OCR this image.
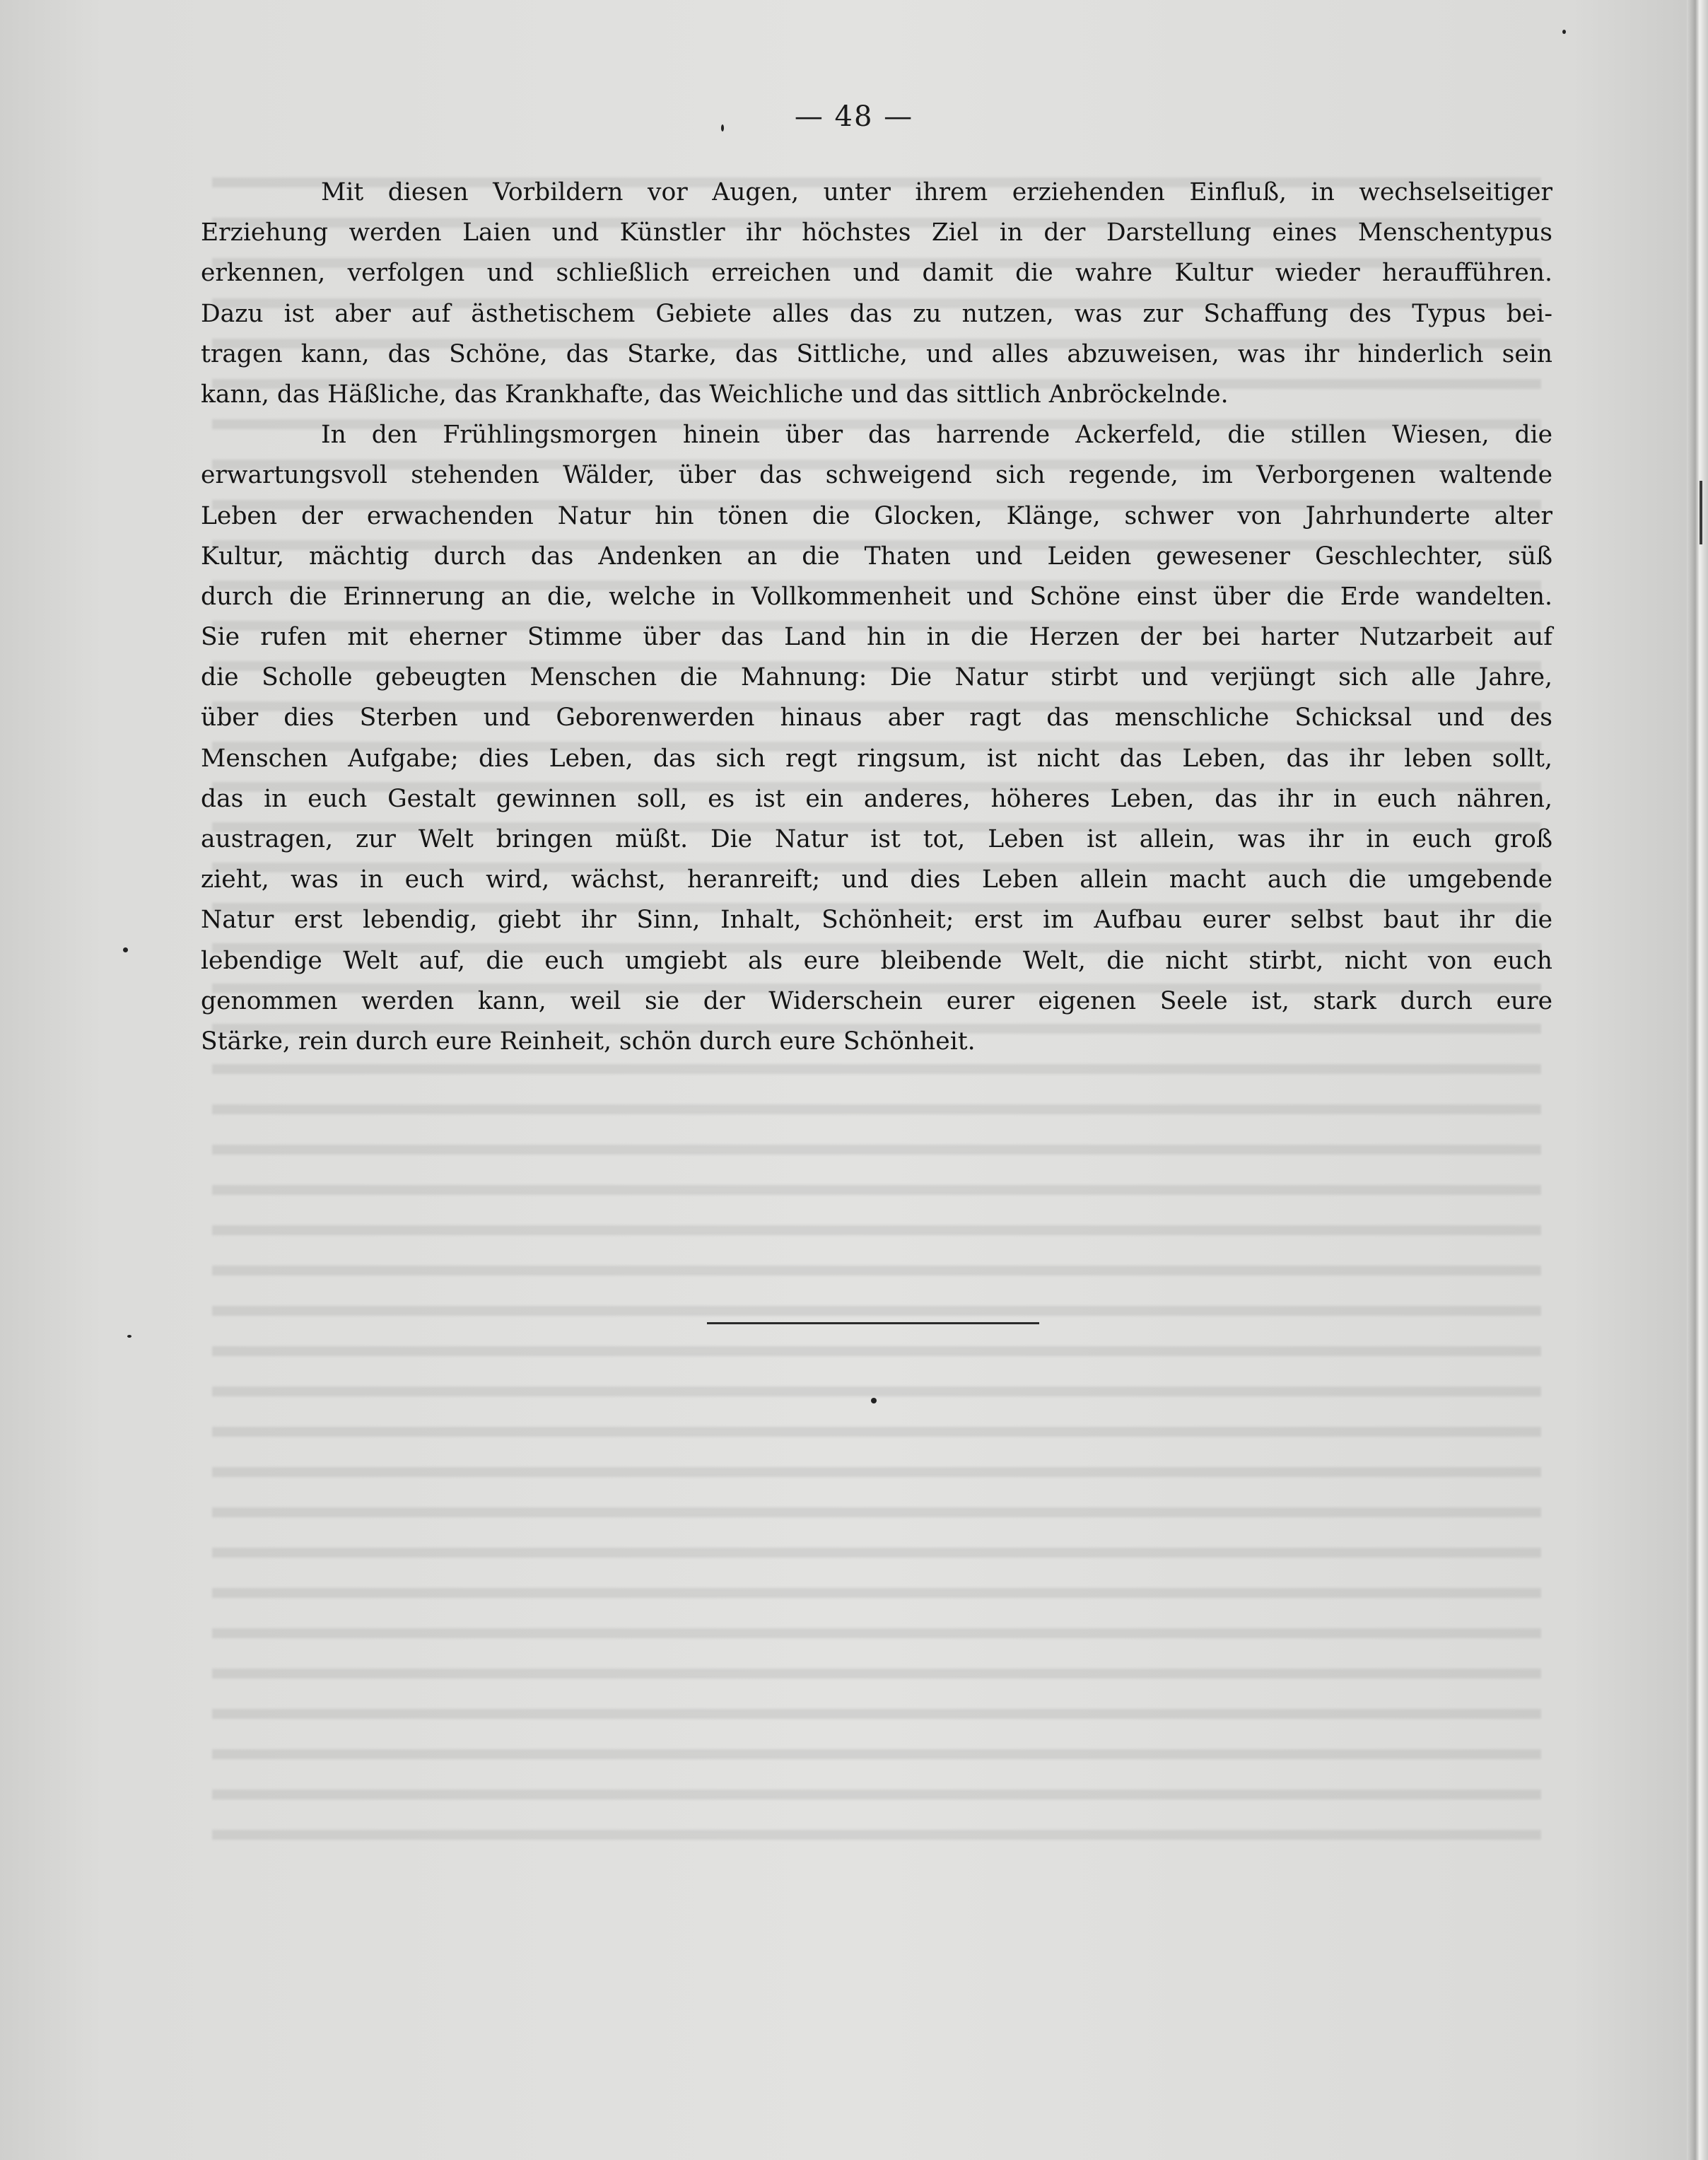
— 48 —
Mit diesen Vorbildern vor Augen, unter ihrem erziehenden Einfluß, in wechselseitiger
Erziehung werden Laien und Künstler ihr höchstes Ziel in der Darstellung eines Menschentypus
erkennen, verfolgen und schließlich erreichen und damit die wahre Kultur wieder heraufführen.
Dazu ist aber auf ästhetischem Gebiete alles das zu nutzen, was zur Schaffung des Typus bei-
tragen kann, das Schöne, das Starke, das Sittliche, und alles abzuweisen, was ihr hinderlich sein
kann, das Häßliche, das Krankhafte, das Weichliche und das sittlich Anbröckelnde.
In den Frühlingsmorgen hinein über das harrende Ackerfeld, die stillen Wiesen, die
erwartungsvoll stehenden Wälder, über das schweigend sich regende, im Verborgenen waltende
Leben der erwachenden Natur hin tönen die Glocken, Klänge, schwer von Jahrhunderte alter
Kultur, mächtig durch das Andenken an die Thaten und Leiden gewesener Geschlechter, süß
durch die Erinnerung an die, welche in Vollkommenheit und Schöne einst über die Erde wandelten.
Sie rufen mit eherner Stimme über das Land hin in die Herzen der bei harter Nutzarbeit auf
die Scholle gebeugten Menschen die Mahnung: Die Natur stirbt und verjüngt sich alle Jahre,
über dies Sterben und Geborenwerden hinaus aber ragt das menschliche Schicksal und des
Menschen Aufgabe; dies Leben, das sich regt ringsum, ist nicht das Leben, das ihr leben sollt,
das in euch Gestalt gewinnen soll, es ist ein anderes, höheres Leben, das ihr in euch nähren,
austragen, zur Welt bringen müßt. Die Natur ist tot, Leben ist allein, was ihr in euch groß
zieht, was in euch wird, wächst, heranreift; und dies Leben allein macht auch die umgebende
Natur erst lebendig, giebt ihr Sinn, Inhalt, Schönheit; erst im Aufbau eurer selbst baut ihr die
lebendige Welt auf, die euch umgiebt als eure bleibende Welt, die nicht stirbt, nicht von euch
genommen werden kann, weil sie der Widerschein eurer eigenen Seele ist, stark durch eure
Stärke, rein durch eure Reinheit, schön durch eure Schönheit.
